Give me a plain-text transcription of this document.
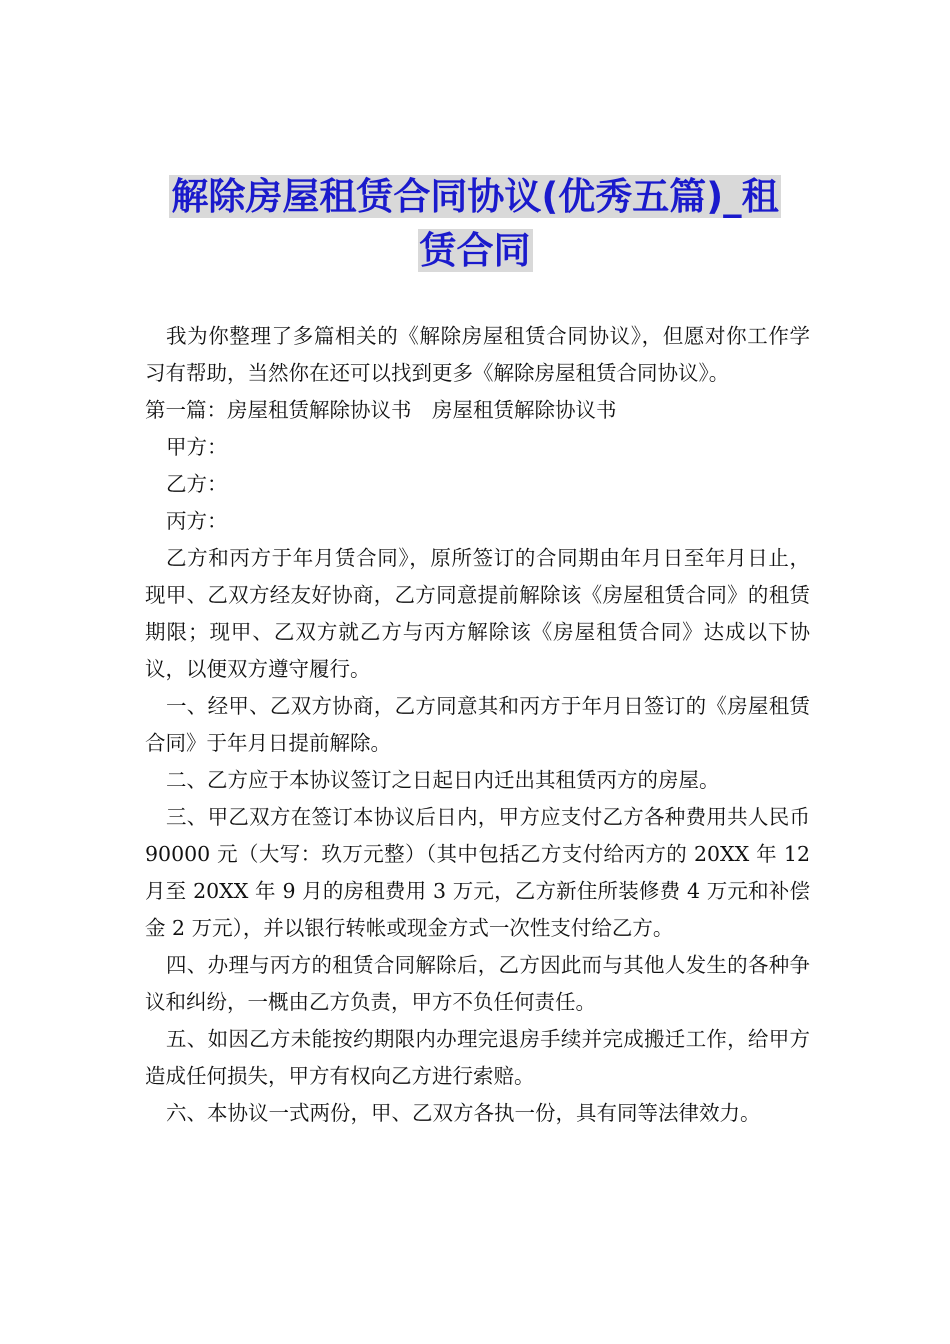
解除房屋租赁合同协议(优秀五篇)_租
赁合同

我为你整理了多篇相关的《解除房屋租赁合同协议》，但愿对你工作学习有帮助，当然你在还可以找到更多《解除房屋租赁合同协议》。

第一篇：房屋租赁解除协议书　房屋租赁解除协议书

甲方：

乙方：

丙方：

乙方和丙方于年月赁合同》，原所签订的合同期由年月日至年月日止，现甲、乙双方经友好协商，乙方同意提前解除该《房屋租赁合同》的租赁期限；现甲、乙双方就乙方与丙方解除该《房屋租赁合同》达成以下协议，以便双方遵守履行。

一、经甲、乙双方协商，乙方同意其和丙方于年月日签订的《房屋租赁合同》于年月日提前解除。

二、乙方应于本协议签订之日起日内迁出其租赁丙方的房屋。

三、甲乙双方在签订本协议后日内，甲方应支付乙方各种费用共人民币 90000 元（大写：玖万元整）（其中包括乙方支付给丙方的 20XX 年 12 月至 20XX 年 9 月的房租费用 3 万元，乙方新住所装修费 4 万元和补偿金 2 万元），并以银行转帐或现金方式一次性支付给乙方。

四、办理与丙方的租赁合同解除后，乙方因此而与其他人发生的各种争议和纠纷，一概由乙方负责，甲方不负任何责任。

五、如因乙方未能按约期限内办理完退房手续并完成搬迁工作，给甲方造成任何损失，甲方有权向乙方进行索赔。

六、本协议一式两份，甲、乙双方各执一份，具有同等法律效力。
